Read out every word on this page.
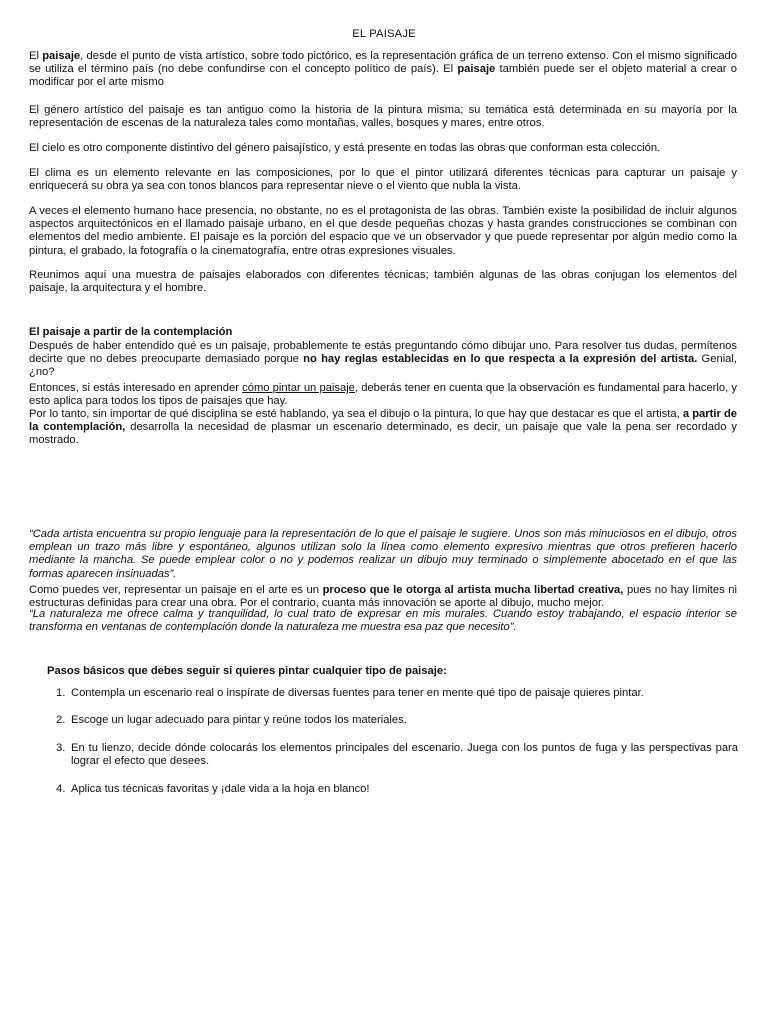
EL PAISAJE

El paisaje, desde el punto de vista artístico, sobre todo pictórico, es la representación gráfica de un terreno extenso. Con el mismo significado se utiliza el término país (no debe confundirse con el concepto político de país). El paisaje también puede ser el objeto material a crear o modificar por el arte mismo

El género artístico del paisaje es tan antiguo como la historia de la pintura misma; su temática está determinada en su mayoría por la representación de escenas de la naturaleza tales como montañas, valles, bosques y mares, entre otros.

El cielo es otro componente distintivo del género paisajístico, y está presente en todas las obras que conforman esta colección.

El clima es un elemento relevante en las composiciones, por lo que el pintor utilizará diferentes técnicas para capturar un paisaje y enriquecerá su obra ya sea con tonos blancos para representar nieve o el viento que nubla la vista.

A veces el elemento humano hace presencia, no obstante, no es el protagonista de las obras. También existe la posibilidad de incluir algunos aspectos arquitectónicos en el llamado paisaje urbano, en el que desde pequeñas chozas y hasta grandes construcciones se combinan con elementos del medio ambiente. El paisaje es la porción del espacio que ve un observador y que puede representar por algún medio como la pintura, el grabado, la fotografía o la cinematografía, entre otras expresiones visuales.

Reunimos aquí una muestra de paisajes elaborados con diferentes técnicas; también algunas de las obras conjugan los elementos del paisaje, la arquitectura y el hombre.

El paisaje a partir de la contemplación

Después de haber entendido qué es un paisaje, probablemente te estás preguntando cómo dibujar uno. Para resolver tus dudas, permítenos decirte que no debes preocuparte demasiado porque no hay reglas establecidas en lo que respecta a la expresión del artista. Genial, ¿no?

Entonces, si estás interesado en aprender cómo pintar un paisaje, deberás tener en cuenta que la observación es fundamental para hacerlo, y esto aplica para todos los tipos de paisajes que hay.

Por lo tanto, sin importar de qué disciplina se esté hablando, ya sea el dibujo o la pintura, lo que hay que destacar es que el artista, a partir de la contemplación, desarrolla la necesidad de plasmar un escenario determinado, es decir, un paisaje que vale la pena ser recordado y mostrado.

“Cada artista encuentra su propio lenguaje para la representación de lo que el paisaje le sugiere. Unos son más minuciosos en el dibujo, otros emplean un trazo más libre y espontáneo, algunos utilizan solo la línea como elemento expresivo mientras que otros prefieren hacerlo mediante la mancha. Se puede emplear color o no y podemos realizar un dibujo muy terminado o simplemente abocetado en el que las formas aparecen insinuadas”.

Como puedes ver, representar un paisaje en el arte es un proceso que le otorga al artista mucha libertad creativa, pues no hay límites ni estructuras definidas para crear una obra. Por el contrario, cuanta más innovación se aporte al dibujo, mucho mejor.

“La naturaleza me ofrece calma y tranquilidad, lo cual trato de expresar en mis murales. Cuando estoy trabajando, el espacio interior se transforma en ventanas de contemplación donde la naturaleza me muestra esa paz que necesito”.

Pasos básicos que debes seguir si quieres pintar cualquier tipo de paisaje:

1. Contempla un escenario real o inspírate de diversas fuentes para tener en mente qué tipo de paisaje quieres pintar.

2. Escoge un lugar adecuado para pintar y reúne todos los materiales.

3. En tu lienzo, decide dónde colocarás los elementos principales del escenario. Juega con los puntos de fuga y las perspectivas para lograr el efecto que desees.

4. Aplica tus técnicas favoritas y ¡dale vida a la hoja en blanco!
